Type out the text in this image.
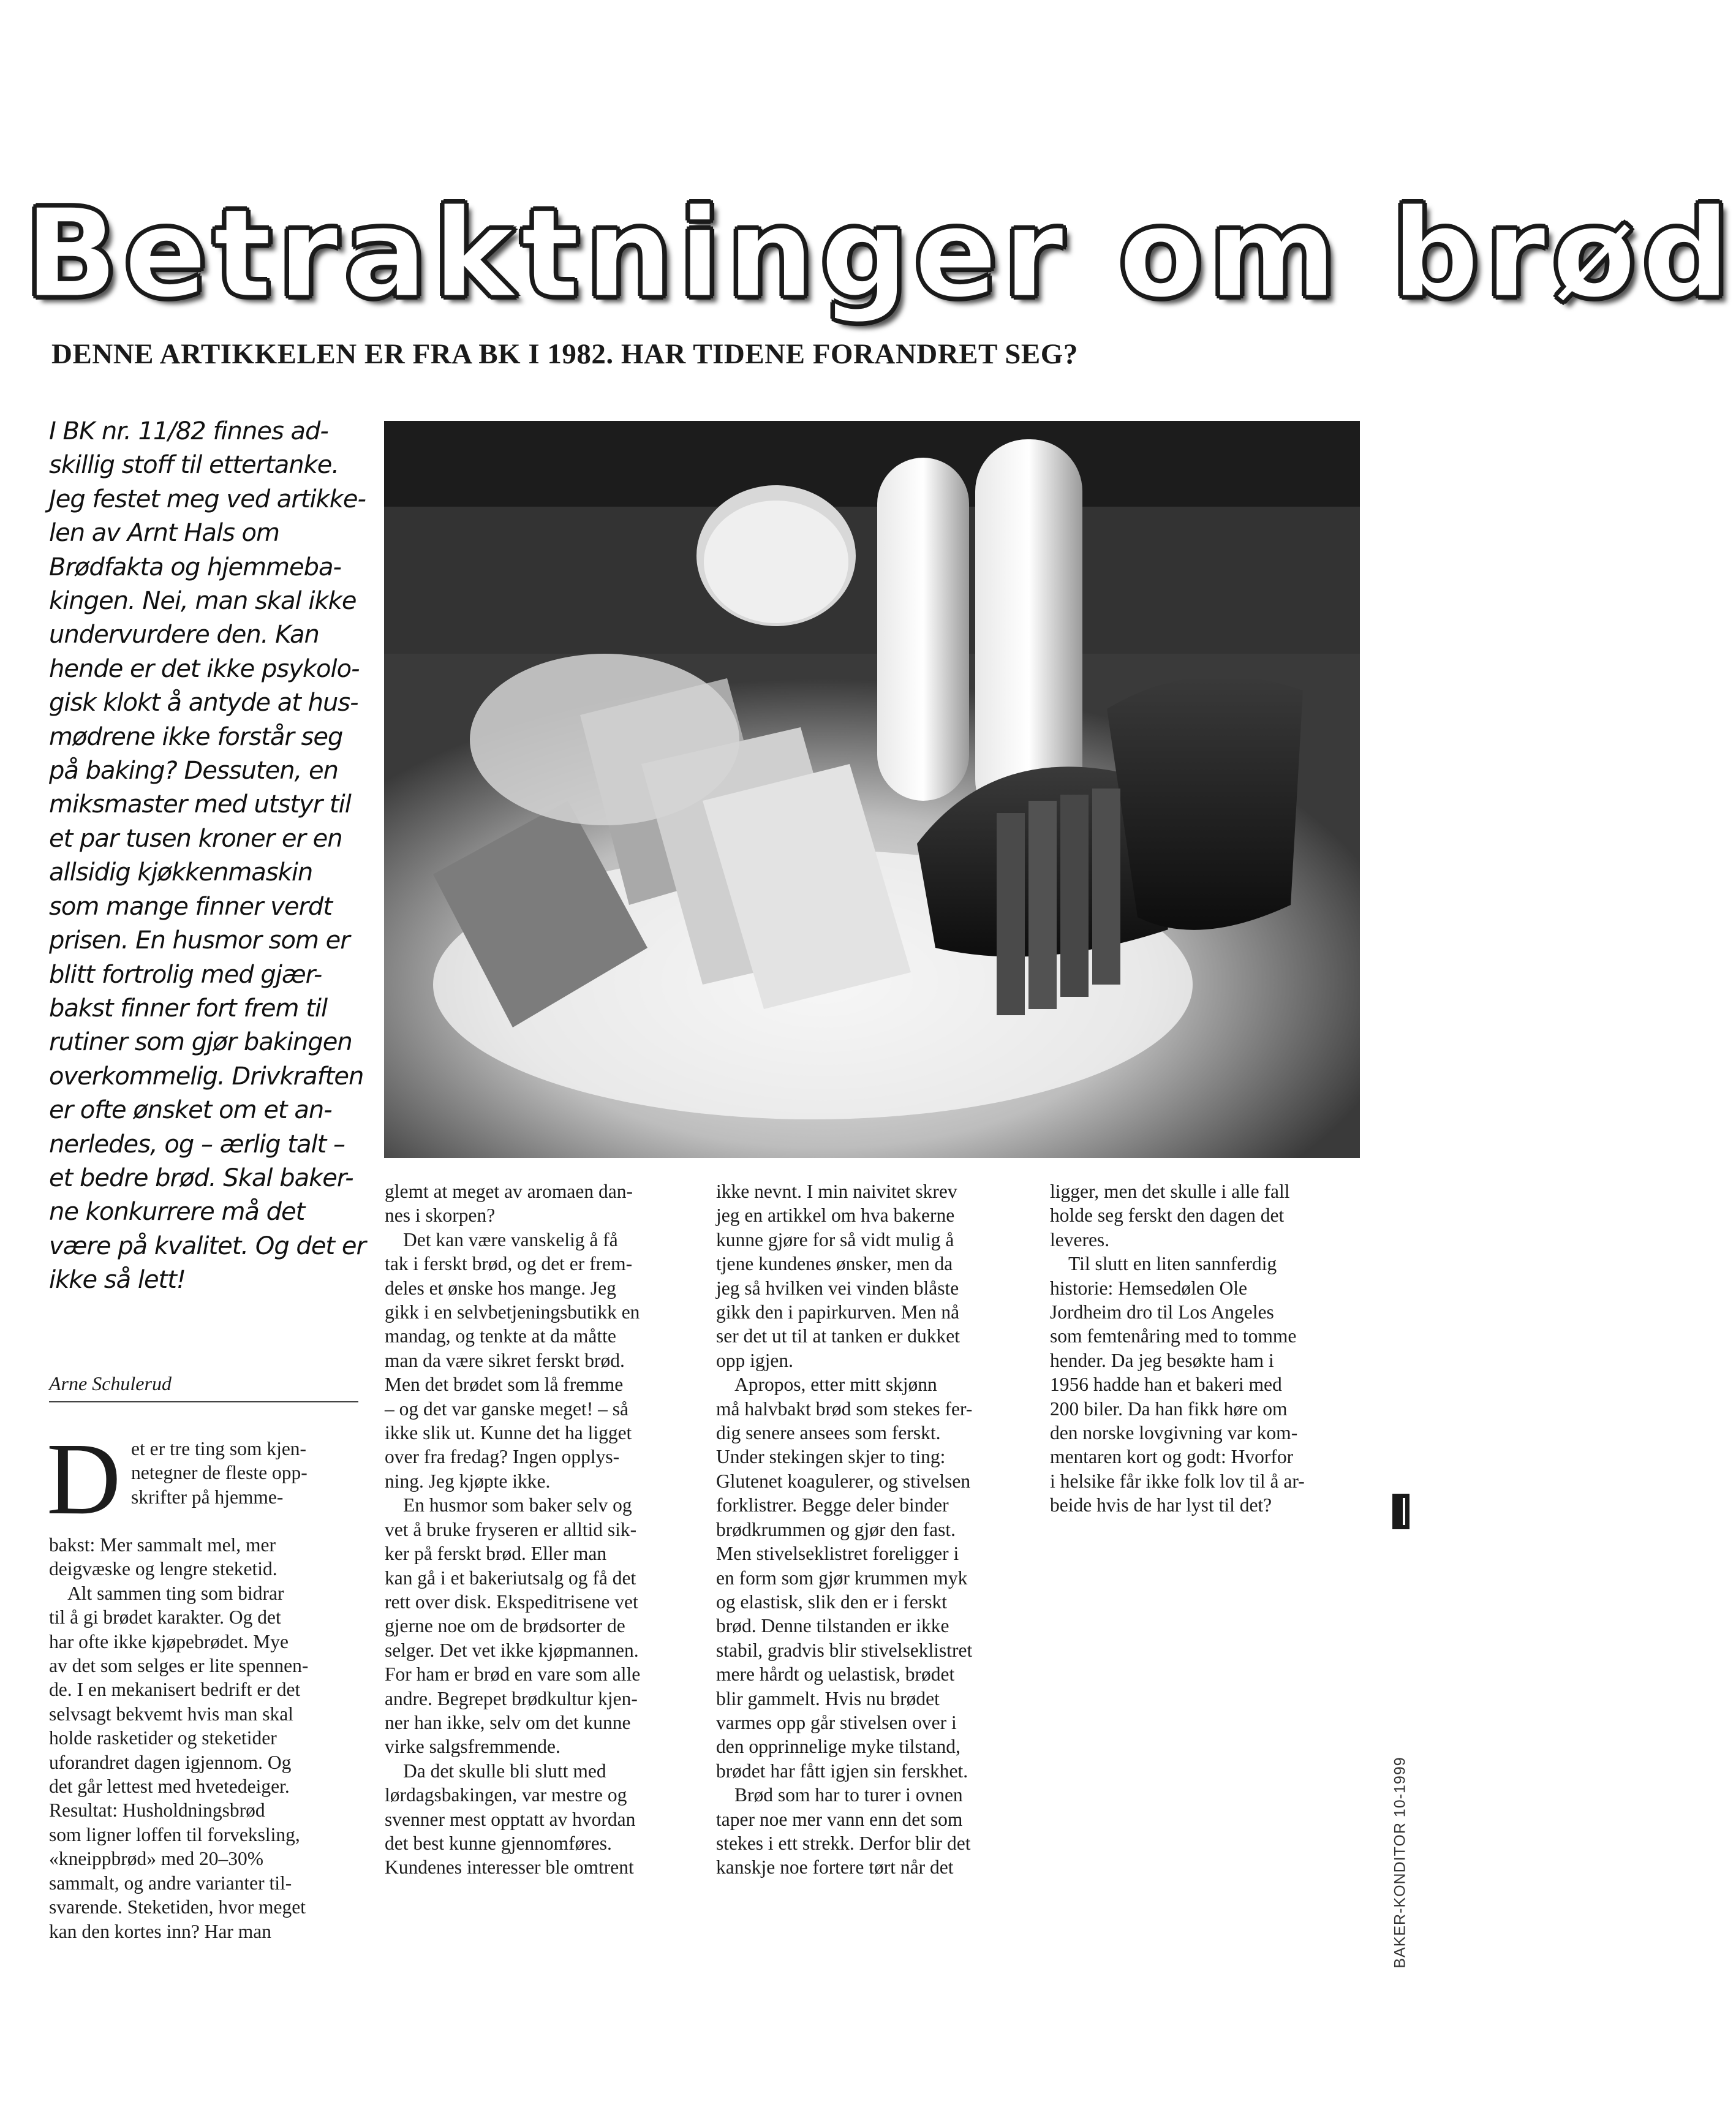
Betraktninger om brød
DENNE ARTIKKELEN ER FRA BK I 1982. HAR TIDENE FORANDRET SEG?
I BK nr. 11/82 finnes ad-
skillig stoff til ettertanke.
Jeg festet meg ved artikke-
len av Arnt Hals om
Brødfakta og hjemmeba-
kingen. Nei, man skal ikke
undervurdere den. Kan
hende er det ikke psykolo-
gisk klokt å antyde at hus-
mødrene ikke forstår seg
på baking? Dessuten, en
miksmaster med utstyr til
et par tusen kroner er en
allsidig kjøkkenmaskin
som mange finner verdt
prisen. En husmor som er
blitt fortrolig med gjær-
bakst finner fort frem til
rutiner som gjør bakingen
overkommelig. Drivkraften
er ofte ønsket om et an-
nerledes, og – ærlig talt –
et bedre brød. Skal baker-
ne konkurrere må det
være på kvalitet. Og det er
ikke så lett!
Arne Schulerud
D et er tre ting som kjen-
netegner de fleste opp-
skrifter på hjemme-
bakst: Mer sammalt mel, mer
deigvæske og lengre steketid.
Alt sammen ting som bidrar
til å gi brødet karakter. Og det
har ofte ikke kjøpebrødet. Mye
av det som selges er lite spennen-
de. I en mekanisert bedrift er det
selvsagt bekvemt hvis man skal
holde rasketider og steketider
uforandret dagen igjennom. Og
det går lettest med hvetedeiger.
Resultat: Husholdningsbrød
som ligner loffen til forveksling,
«kneippbrød» med 20–30%
sammalt, og andre varianter til-
svarende. Steketiden, hvor meget
kan den kortes inn? Har man
glemt at meget av aromaen dan-
nes i skorpen?
Det kan være vanskelig å få
tak i ferskt brød, og det er frem-
deles et ønske hos mange. Jeg
gikk i en selvbetjeningsbutikk en
mandag, og tenkte at da måtte
man da være sikret ferskt brød.
Men det brødet som lå fremme
– og det var ganske meget! – så
ikke slik ut. Kunne det ha ligget
over fra fredag? Ingen opplys-
ning. Jeg kjøpte ikke.
En husmor som baker selv og
vet å bruke fryseren er alltid sik-
ker på ferskt brød. Eller man
kan gå i et bakeriutsalg og få det
rett over disk. Ekspeditrisene vet
gjerne noe om de brødsorter de
selger. Det vet ikke kjøpmannen.
For ham er brød en vare som alle
andre. Begrepet brødkultur kjen-
ner han ikke, selv om det kunne
virke salgsfremmende.
Da det skulle bli slutt med
lørdagsbakingen, var mestre og
svenner mest opptatt av hvordan
det best kunne gjennomføres.
Kundenes interesser ble omtrent
ikke nevnt. I min naivitet skrev
jeg en artikkel om hva bakerne
kunne gjøre for så vidt mulig å
tjene kundenes ønsker, men da
jeg så hvilken vei vinden blåste
gikk den i papirkurven. Men nå
ser det ut til at tanken er dukket
opp igjen.
Apropos, etter mitt skjønn
må halvbakt brød som stekes fer-
dig senere ansees som ferskt.
Under stekingen skjer to ting:
Glutenet koagulerer, og stivelsen
forklistrer. Begge deler binder
brødkrummen og gjør den fast.
Men stivelseklistret foreligger i
en form som gjør krummen myk
og elastisk, slik den er i ferskt
brød. Denne tilstanden er ikke
stabil, gradvis blir stivelseklistret
mere hårdt og uelastisk, brødet
blir gammelt. Hvis nu brødet
varmes opp går stivelsen over i
den opprinnelige myke tilstand,
brødet har fått igjen sin ferskhet.
Brød som har to turer i ovnen
taper noe mer vann enn det som
stekes i ett strekk. Derfor blir det
kanskje noe fortere tørt når det
ligger, men det skulle i alle fall
holde seg ferskt den dagen det
leveres.
Til slutt en liten sannferdig
historie: Hemsedølen Ole
Jordheim dro til Los Angeles
som femtenåring med to tomme
hender. Da jeg besøkte ham i
1956 hadde han et bakeri med
200 biler. Da han fikk høre om
den norske lovgivning var kom-
mentaren kort og godt: Hvorfor
i helsike får ikke folk lov til å ar-
beide hvis de har lyst til det?
BAKER-KONDITOR 10-1999
